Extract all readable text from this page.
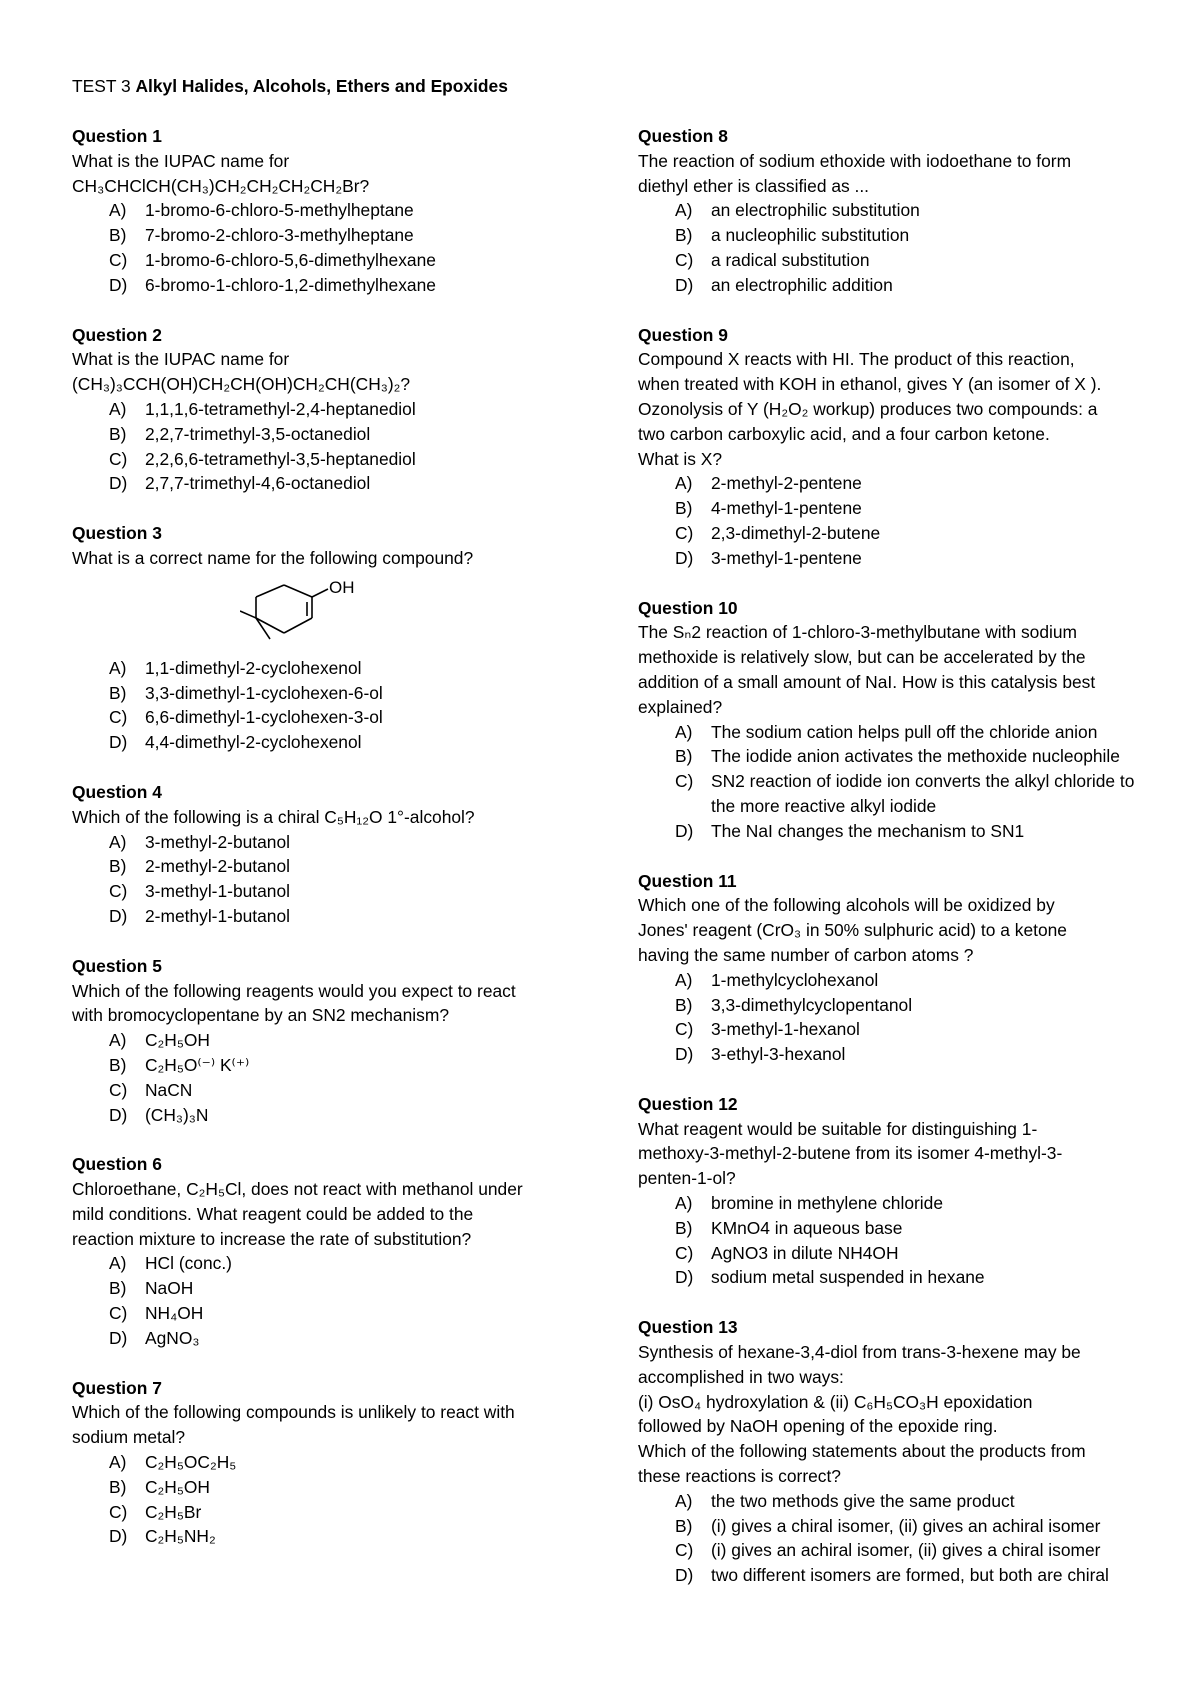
TEST 3 Alkyl Halides, Alcohols, Ethers and Epoxides
Question 1
What is the IUPAC name for
CH₃CHClCH(CH₃)CH₂CH₂CH₂CH₂Br?
A) 1-bromo-6-chloro-5-methylheptane
B) 7-bromo-2-chloro-3-methylheptane
C) 1-bromo-6-chloro-5,6-dimethylhexane
D) 6-bromo-1-chloro-1,2-dimethylhexane
Question 2
What is the IUPAC name for
(CH₃)₃CCH(OH)CH₂CH(OH)CH₂CH(CH₃)₂?
A) 1,1,1,6-tetramethyl-2,4-heptanediol
B) 2,2,7-trimethyl-3,5-octanediol
C) 2,2,6,6-tetramethyl-3,5-heptanediol
D) 2,7,7-trimethyl-4,6-octanediol
Question 3
What is a correct name for the following compound?
OH
A) 1,1-dimethyl-2-cyclohexenol
B) 3,3-dimethyl-1-cyclohexen-6-ol
C) 6,6-dimethyl-1-cyclohexen-3-ol
D) 4,4-dimethyl-2-cyclohexenol
Question 4
Which of the following is a chiral C₅H₁₂O 1°-alcohol?
A) 3-methyl-2-butanol
B) 2-methyl-2-butanol
C) 3-methyl-1-butanol
D) 2-methyl-1-butanol
Question 5
Which of the following reagents would you expect to react
with bromocyclopentane by an SN2 mechanism?
A) C₂H₅OH
B) C₂H₅O⁽⁻⁾ K⁽⁺⁾
C) NaCN
D) (CH₃)₃N
Question 6
Chloroethane, C₂H₅Cl, does not react with methanol under
mild conditions. What reagent could be added to the
reaction mixture to increase the rate of substitution?
A) HCl (conc.)
B) NaOH
C) NH₄OH
D) AgNO₃
Question 7
Which of the following compounds is unlikely to react with
sodium metal?
A) C₂H₅OC₂H₅
B) C₂H₅OH
C) C₂H₅Br
D) C₂H₅NH₂
Question 8
The reaction of sodium ethoxide with iodoethane to form
diethyl ether is classified as ...
A) an electrophilic substitution
B) a nucleophilic substitution
C) a radical substitution
D) an electrophilic addition
Question 9
Compound X reacts with HI. The product of this reaction,
when treated with KOH in ethanol, gives Y (an isomer of X ).
Ozonolysis of Y (H₂O₂ workup) produces two compounds: a
two carbon carboxylic acid, and a four carbon ketone.
What is X?
A) 2-methyl-2-pentene
B) 4-methyl-1-pentene
C) 2,3-dimethyl-2-butene
D) 3-methyl-1-pentene
Question 10
The Sₙ2 reaction of 1-chloro-3-methylbutane with sodium
methoxide is relatively slow, but can be accelerated by the
addition of a small amount of NaI. How is this catalysis best
explained?
A) The sodium cation helps pull off the chloride anion
B) The iodide anion activates the methoxide nucleophile
C) SN2 reaction of iodide ion converts the alkyl chloride to the more reactive alkyl iodide
D) The NaI changes the mechanism to SN1
Question 11
Which one of the following alcohols will be oxidized by
Jones' reagent (CrO₃ in 50% sulphuric acid) to a ketone
having the same number of carbon atoms ?
A) 1-methylcyclohexanol
B) 3,3-dimethylcyclopentanol
C) 3-methyl-1-hexanol
D) 3-ethyl-3-hexanol
Question 12
What reagent would be suitable for distinguishing 1-
methoxy-3-methyl-2-butene from its isomer 4-methyl-3-
penten-1-ol?
A) bromine in methylene chloride
B) KMnO4 in aqueous base
C) AgNO3 in dilute NH4OH
D) sodium metal suspended in hexane
Question 13
Synthesis of hexane-3,4-diol from trans-3-hexene may be
accomplished in two ways:
(i) OsO₄ hydroxylation & (ii) C₆H₅CO₃H epoxidation
followed by NaOH opening of the epoxide ring.
Which of the following statements about the products from
these reactions is correct?
A) the two methods give the same product
B) (i) gives a chiral isomer, (ii) gives an achiral isomer
C) (i) gives an achiral isomer, (ii) gives a chiral isomer
D) two different isomers are formed, but both are chiral
